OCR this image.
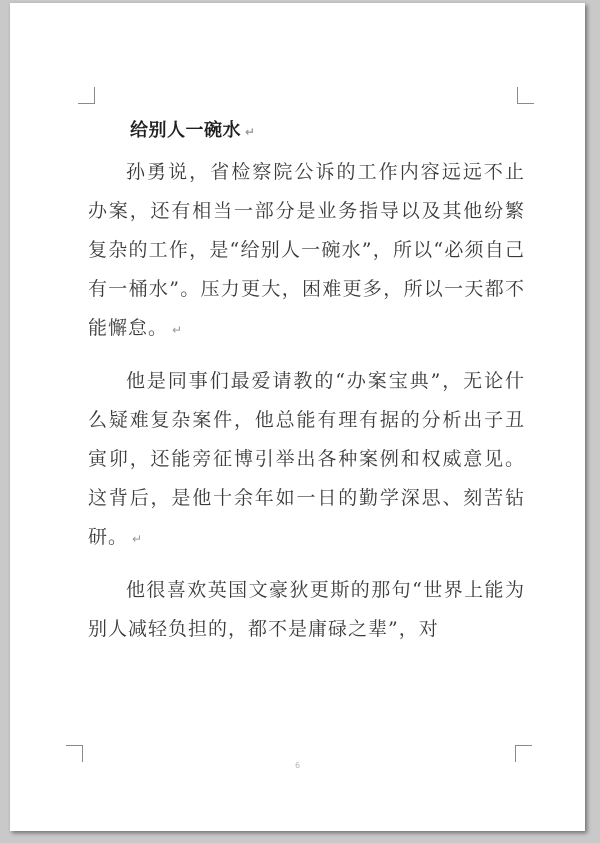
给别人一碗水 ↵

孙勇说，省检察院公诉的工作内容远远不止办案，还有相当一部分是业务指导以及其他纷繁复杂的工作，是“给别人一碗水”，所以“必须自己有一桶水”。压力更大，困难更多，所以一天都不能懈怠。 ↵

他是同事们最爱请教的“办案宝典”，无论什么疑难复杂案件，他总能有理有据的分析出子丑寅卯，还能旁征博引举出各种案例和权威意见。这背后，是他十余年如一日的勤学深思、刻苦钻研。 ↵

他很喜欢英国文豪狄更斯的那句“世界上能为别人减轻负担的，都不是庸碌之辈”，对

6
